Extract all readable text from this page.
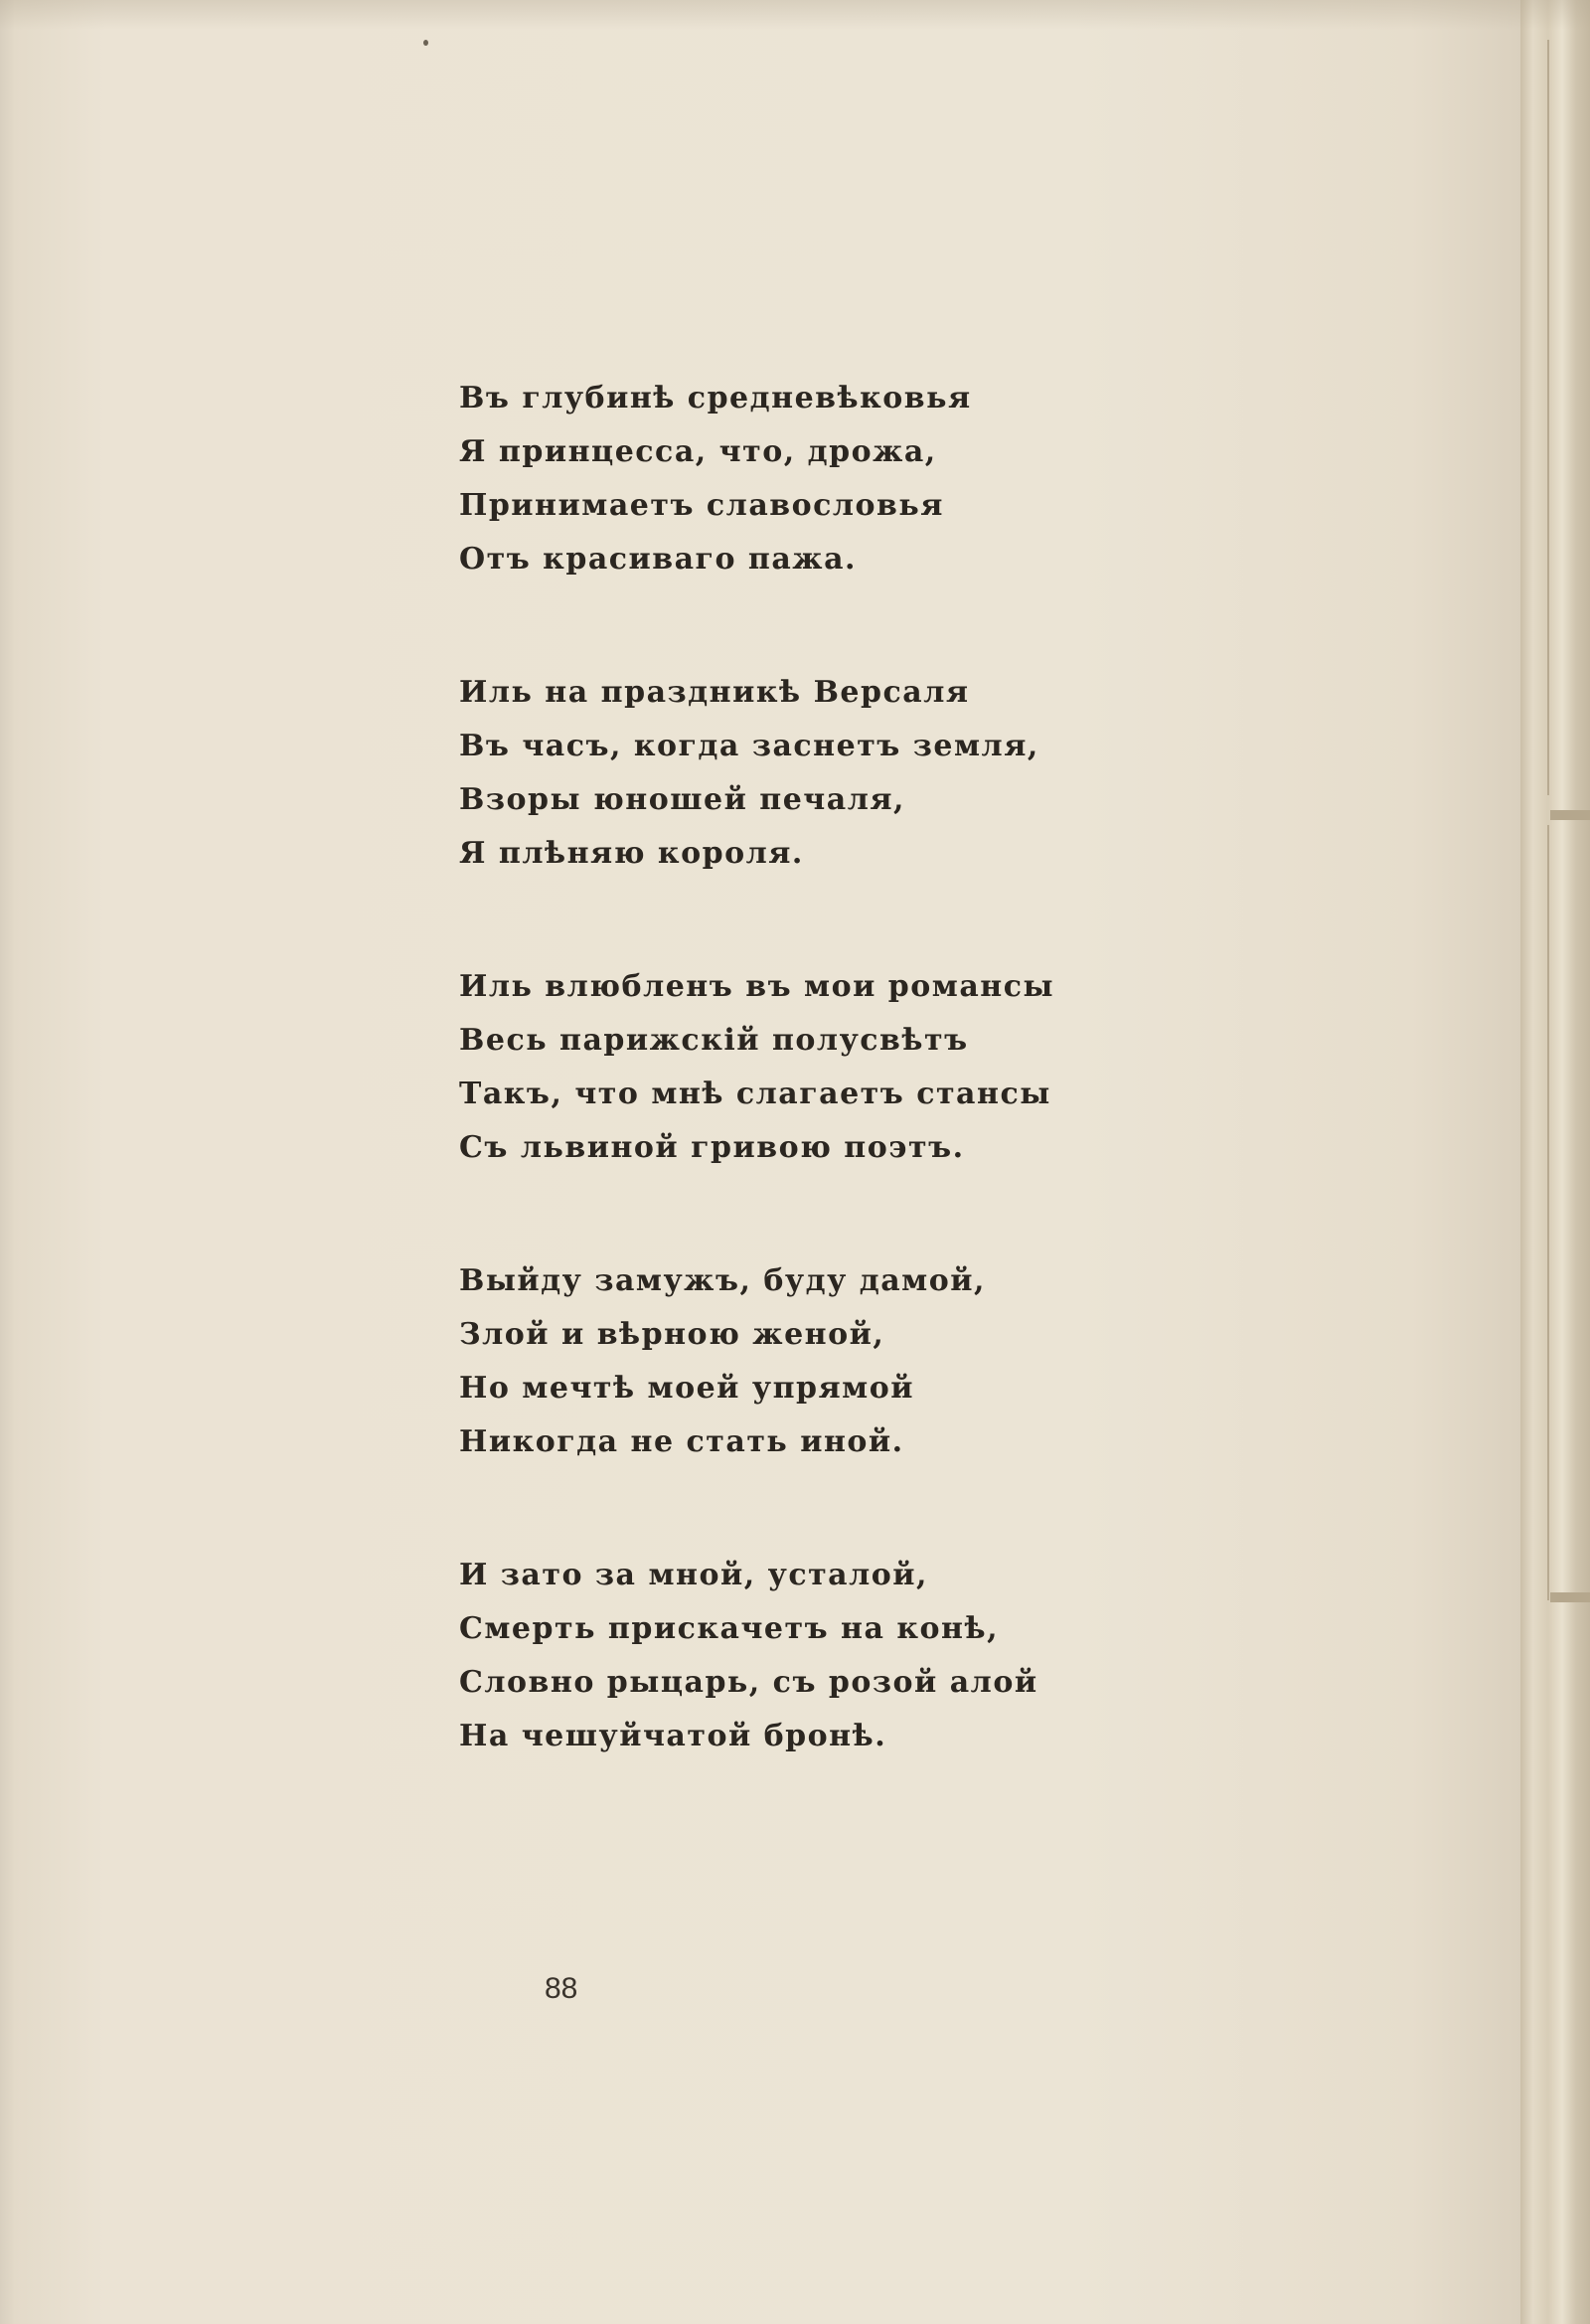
Въ глубинѣ средневѣковья
Я принцесса, что, дрожа,
Принимаетъ славословья
Отъ красиваго пажа.
Иль на праздникѣ Версаля
Въ часъ, когда заснетъ земля,
Взоры юношей печаля,
Я плѣняю короля.
Иль влюбленъ въ мои романсы
Весь парижскій полусвѣтъ
Такъ, что мнѣ слагаетъ стансы
Съ львиной гривою поэтъ.
Выйду замужъ, буду дамой,
Злой и вѣрною женой,
Но мечтѣ моей упрямой
Никогда не стать иной.
И зато за мной, усталой,
Смерть прискачетъ на конѣ,
Словно рыцарь, съ розой алой
На чешуйчатой бронѣ.
88
